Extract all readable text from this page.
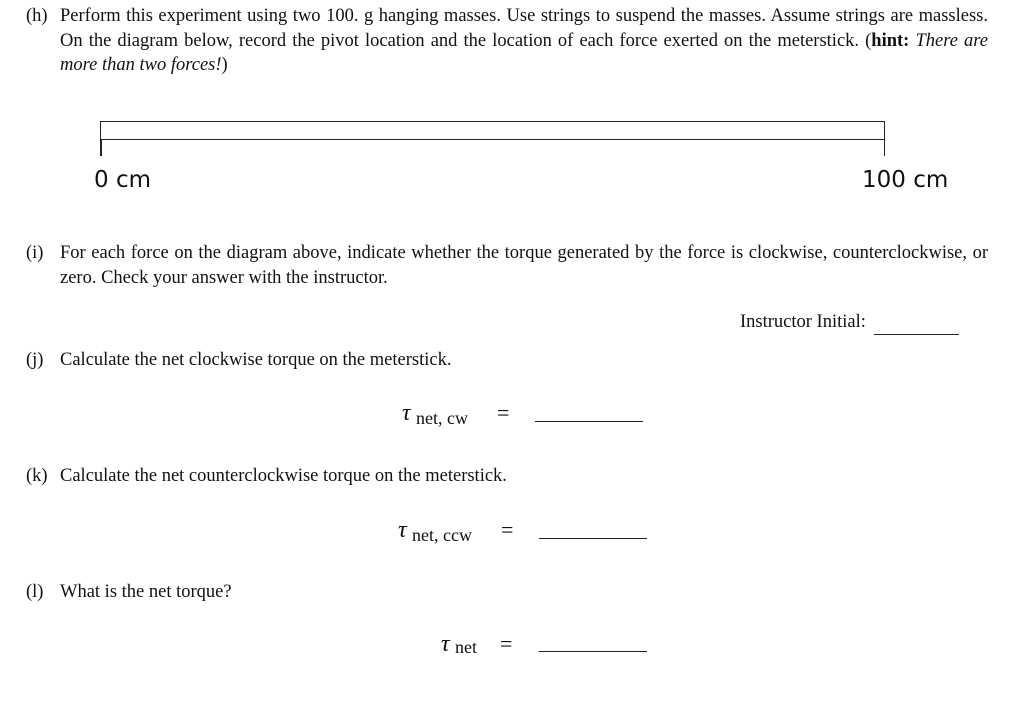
(h) Perform this experiment using two 100. g hanging masses. Use strings to suspend the masses. Assume strings are massless. On the diagram below, record the pivot location and the location of each force exerted on the meterstick. (hint: There are more than two forces!)
0 cm	100 cm
(i) For each force on the diagram above, indicate whether the torque generated by the force is clockwise, counterclockwise, or zero. Check your answer with the instructor.
Instructor Initial:
(j) Calculate the net clockwise torque on the meterstick.
τ net, cw =
(k) Calculate the net counterclockwise torque on the meterstick.
τ net, ccw =
(l) What is the net torque?
τ net =
